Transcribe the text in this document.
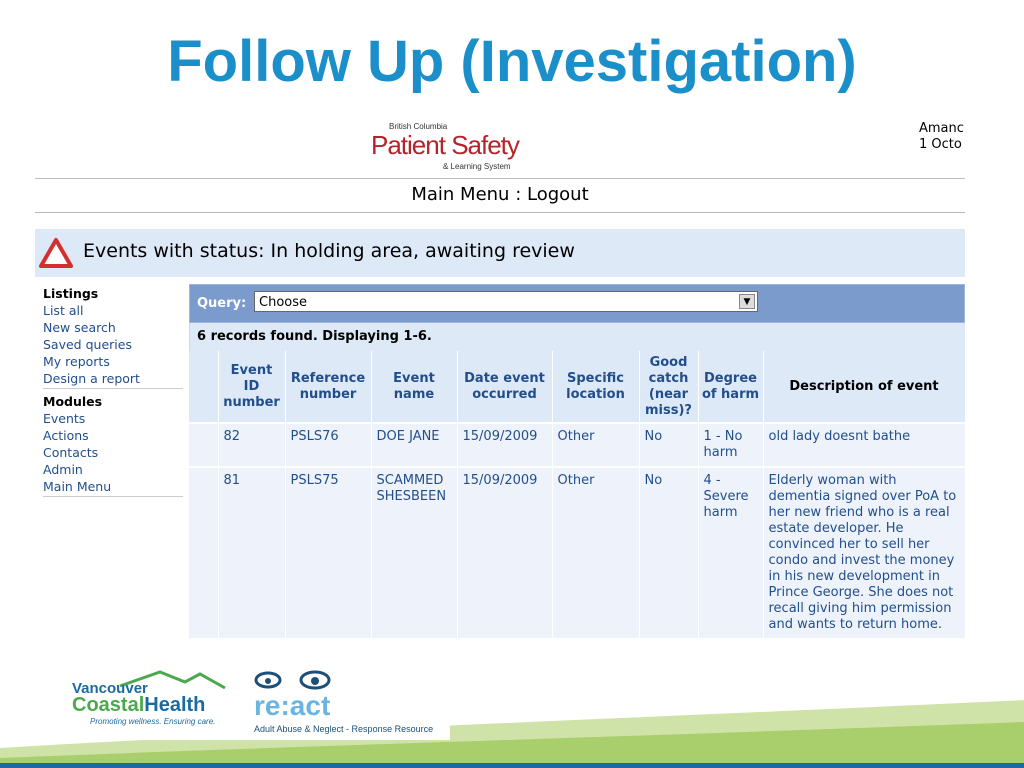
Follow Up (Investigation)
British Columbia
Patient Safety
& Learning System
Amanc
1 Octo
Main Menu : Logout
Events with status: In holding area, awaiting review
Listings
List all
New search
Saved queries
My reports
Design a report
Modules
Events
Actions
Contacts
Admin
Main Menu
Query: Choose	▼
6 records found. Displaying 1-6.
	Event ID number	Reference number	Event name	Date event occurred	Specific location	Good catch (near miss)?	Degree of harm	Description of event
	82	PSLS76	DOE JANE	15/09/2009	Other	No	1 - No harm	old lady doesnt bathe
	81	PSLS75	SCAMMED SHESBEEN	15/09/2009	Other	No	4 - Severe harm	Elderly woman with dementia signed over PoA to her new friend who is a real estate developer. He convinced her to sell her condo and invest the money in his new development in Prince George. She does not recall giving him permission and wants to return home.
Vancouver
CoastalHealth
Promoting wellness. Ensuring care.
re:act
Adult Abuse & Neglect - Response Resource
